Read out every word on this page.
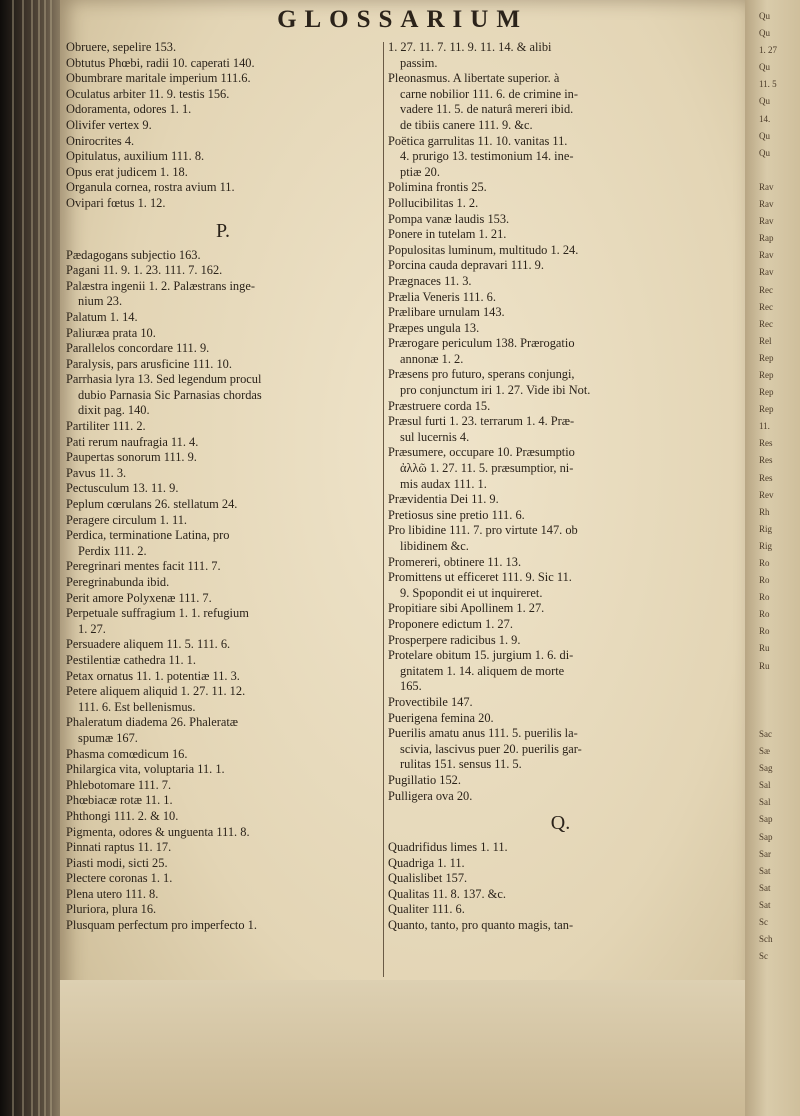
GLOSSARIUM
Obruere, sepelire 153.
Obtutus Phœbi, radii 10. caperati 140.
Obumbrare maritale imperium 111.6.
Oculatus arbiter 11. 9. testis 156.
Odoramenta, odores 1. 1.
Olivifer vertex 9.
Onirocrites 4.
Opitulatus, auxilium 111. 8.
Opus erat judicem 1. 18.
Organula cornea, rostra avium 11.
Ovipari fœtus 1. 12.
P.
Pædagogans subjectio 163.
Pagani 11. 9. 1. 23. 111. 7. 162.
Palæstra ingenii 1. 2. Palæstrans inge-
nium 23.
Palatum 1. 14.
Paliuræa prata 10.
Parallelos concordare 111. 9.
Paralysis, pars arusficine 111. 10.
Parrhasia lyra 13. Sed legendum procul
dubio Parnasia Sic Parnasias chordas
dixit pag. 140.
Partiliter 111. 2.
Pati rerum naufragia 11. 4.
Paupertas sonorum 111. 9.
Pavus 11. 3.
Pectusculum 13. 11. 9.
Peplum cœrulans 26. stellatum 24.
Peragere circulum 1. 11.
Perdica, terminatione Latina, pro
Perdix 111. 2.
Peregrinari mentes facit 111. 7.
Peregrinabunda ibid.
Perit amore Polyxenæ 111. 7.
Perpetuale suffragium 1. 1. refugium
1. 27.
Persuadere aliquem 11. 5. 111. 6.
Pestilentiæ cathedra 11. 1.
Petax ornatus 11. 1. potentiæ 11. 3.
Petere aliquem aliquid 1. 27. 11. 12.
111. 6. Est bellenismus.
Phaleratum diadema 26. Phaleratæ
spumæ 167.
Phasma comœdicum 16.
Philargica vita, voluptaria 11. 1.
Phlebotomare 111. 7.
Phœbiacæ rotæ 11. 1.
Phthongi 111. 2. & 10.
Pigmenta, odores & unguenta 111. 8.
Pinnati raptus 11. 17.
Piasti modi, sicti 25.
Plectere coronas 1. 1.
Plena utero 111. 8.
Pluriora, plura 16.
Plusquam perfectum pro imperfecto 1.
1. 27. 11. 7. 11. 9. 11. 14. & alibi
passim.
Pleonasmus. A libertate superior. à
carne nobilior 111. 6. de crimine in-
vadere 11. 5. de naturâ mereri ibid.
de tibiis canere 111. 9. &c.
Poëtica garrulitas 11. 10. vanitas 11.
4. prurigo 13. testimonium 14. ine-
ptiæ 20.
Polimina frontis 25.
Pollucibilitas 1. 2.
Pompa vanæ laudis 153.
Ponere in tutelam 1. 21.
Populositas luminum, multitudo 1. 24.
Porcina cauda depravari 111. 9.
Prægnaces 11. 3.
Prælia Veneris 111. 6.
Prælibare urnulam 143.
Præpes ungula 13.
Prærogare periculum 138. Prærogatio
annonæ 1. 2.
Præsens pro futuro, sperans conjungi,
pro conjunctum iri 1. 27. Vide ibi Not.
Præstruere corda 15.
Præsul furti 1. 23. terrarum 1. 4. Præ-
sul lucernis 4.
Præsumere, occupare 10. Præsumptio
ἀλλῶ 1. 27. 11. 5. præsumptior, ni-
mis audax 111. 1.
Prævidentia Dei 11. 9.
Pretiosus sine pretio 111. 6.
Pro libidine 111. 7. pro virtute 147. ob
libidinem &c.
Promereri, obtinere 11. 13.
Promittens ut efficeret 111. 9. Sic 11.
9. Spopondit ei ut inquireret.
Propitiare sibi Apollinem 1. 27.
Proponere edictum 1. 27.
Prosperpere radicibus 1. 9.
Protelare obitum 15. jurgium 1. 6. di-
gnitatem 1. 14. aliquem de morte
165.
Provectibile 147.
Puerigena femina 20.
Puerilis amatu anus 111. 5. puerilis la-
scivia, lascivus puer 20. puerilis gar-
rulitas 151. sensus 11. 5.
Pugillatio 152.
Pulligera ova 20.
Q.
Quadrifidus limes 1. 11.
Quadriga 1. 11.
Qualislibet 157.
Qualitas 11. 8. 137. &c.
Qualiter 111. 6.
Quanto, tanto, pro quanto magis, tan-
Qu
Qu
1. 27
Qu
11. 5
Qu
14.
Qu
Qu

Rav
Rav
Rav
Rap
Rav
Rav
Rec
Rec
Rec
Rel
Rep
Rep
Rep
Rep
11.
Res
Res
Res
Rev
Rh
Rig
Rig
Ro
Ro
Ro
Ro
Ro
Ru
Ru

Sac
Sæ
Sag
Sal
Sal
Sap
Sap
Sar
Sat
Sat
Sat
Sc
Sch
Sc
